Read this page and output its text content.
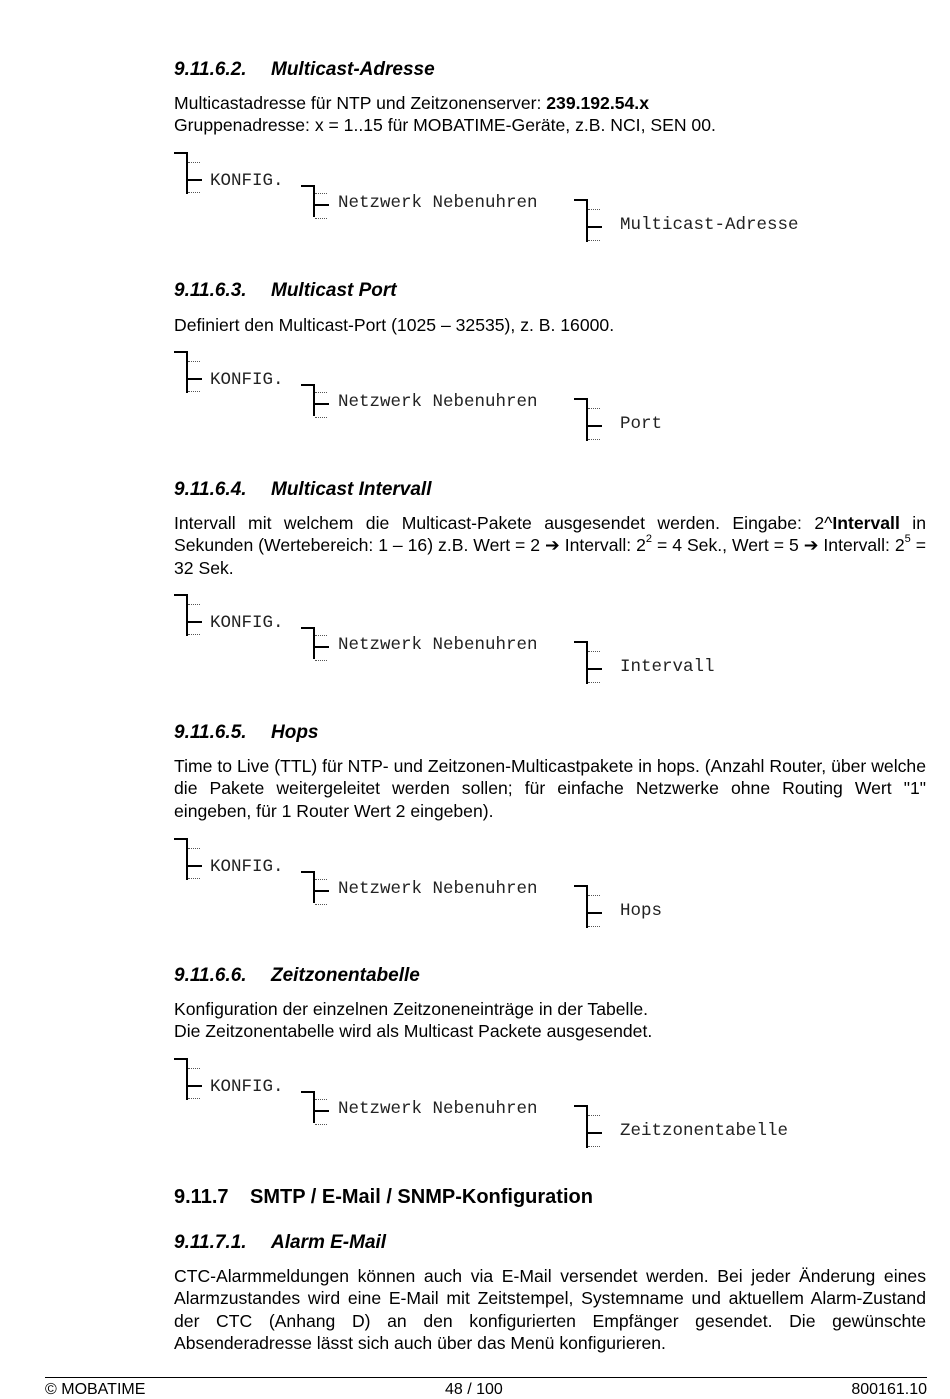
9.11.6.2. Multicast-Adresse
Multicastadresse für NTP und Zeitzonenserver: 239.192.54.x
Gruppenadresse: x = 1..15 für MOBATIME-Geräte, z.B. NCI, SEN 00.
KONFIG.
Netzwerk Nebenuhren
Multicast-Adresse
9.11.6.3. Multicast Port
Definiert den Multicast-Port (1025 – 32535), z. B. 16000.
KONFIG.
Netzwerk Nebenuhren
Port
9.11.6.4. Multicast Intervall
Intervall mit welchem die Multicast-Pakete ausgesendet werden. Eingabe: 2^Intervall in Sekunden (Wertebereich: 1 – 16) z.B. Wert = 2 ➔ Intervall: $2^2 = 4$ Sek., Wert = 5 ➔ Intervall: $2^5 = 32$ Sek.
KONFIG.
Netzwerk Nebenuhren
Intervall
9.11.6.5. Hops
Time to Live (TTL) für NTP- und Zeitzonen-Multicastpakete in hops. (Anzahl Router, über welche die Pakete weitergeleitet werden sollen; für einfache Netzwerke ohne Routing Wert "1" eingeben, für 1 Router Wert 2 eingeben).
KONFIG.
Netzwerk Nebenuhren
Hops
9.11.6.6. Zeitzonentabelle
Konfiguration der einzelnen Zeitzoneneinträge in der Tabelle.
Die Zeitzonentabelle wird als Multicast Packete ausgesendet.
KONFIG.
Netzwerk Nebenuhren
Zeitzonentabelle
9.11.7 SMTP / E-Mail / SNMP-Konfiguration
9.11.7.1. Alarm E-Mail
CTC-Alarmmeldungen können auch via E-Mail versendet werden. Bei jeder Änderung eines Alarmzustandes wird eine E-Mail mit Zeitstempel, Systemname und aktuellem Alarm-Zustand der CTC (Anhang D) an den konfigurierten Empfänger gesendet. Die gewünschte Absenderadresse lässt sich auch über das Menü konfigurieren.
© MOBATIME	48 / 100	800161.10
